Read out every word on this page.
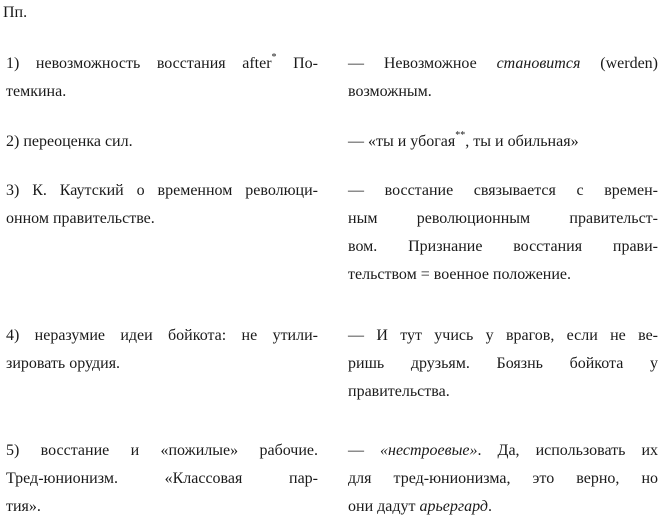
Пп.
1) невозможность восстания after* По-
темкина.
— Невозможное становится (werden)
возможным.
2) переоценка сил.	— «ты и убогая**, ты и обильная»
3) К. Каутский о временном революци-
онном правительстве.
— восстание связывается с времен-
ным революционным правительст-
вом. Признание восстания прави-
тельством = военное положение.
4) неразумие идеи бойкота: не утили-
зировать орудия.
— И тут учись у врагов, если не ве-
ришь друзьям. Боязнь бойкота у
правительства.
5) восстание и «пожилые» рабочие.
Тред-юнионизм. «Классовая пар-
тия».
— «нестроевые». Да, использовать их
для тред-юнионизма, это верно, но
они дадут арьергард.
